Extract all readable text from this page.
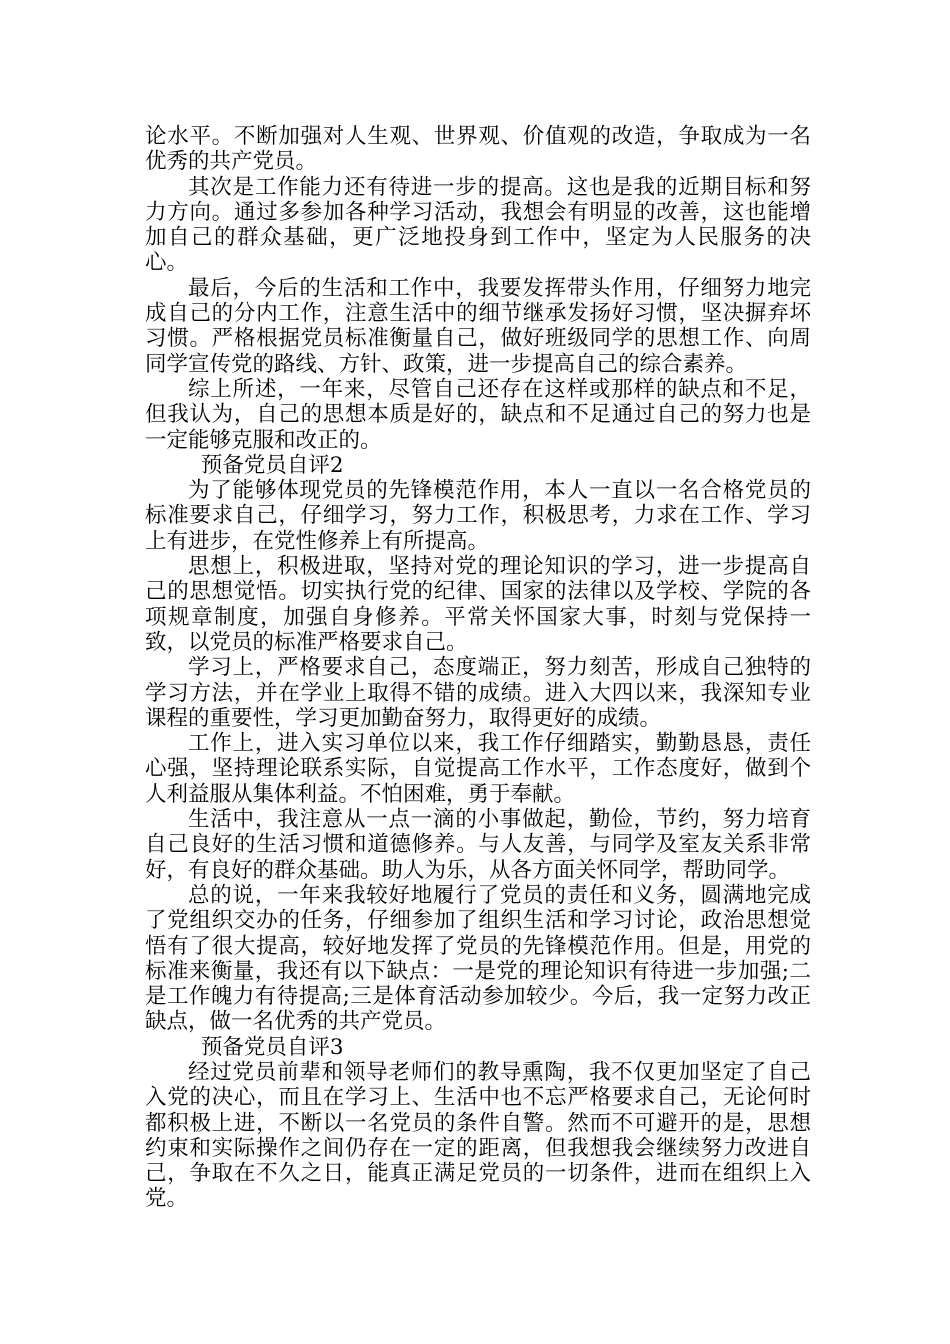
论水平。不断加强对人生观、世界观、价值观的改造，争取成为一名优秀的共产党员。

其次是工作能力还有待进一步的提高。这也是我的近期目标和努力方向。通过多参加各种学习活动，我想会有明显的改善，这也能增加自己的群众基础，更广泛地投身到工作中，坚定为人民服务的决心。

最后，今后的生活和工作中，我要发挥带头作用，仔细努力地完成自己的分内工作，注意生活中的细节继承发扬好习惯，坚决摒弃坏习惯。严格根据党员标准衡量自己，做好班级同学的思想工作、向周同学宣传党的路线、方针、政策，进一步提高自己的综合素养。

综上所述，一年来，尽管自己还存在这样或那样的缺点和不足，但我认为，自己的思想本质是好的，缺点和不足通过自己的努力也是一定能够克服和改正的。

预备党员自评2

为了能够体现党员的先锋模范作用，本人一直以一名合格党员的标准要求自己，仔细学习，努力工作，积极思考，力求在工作、学习上有进步，在党性修养上有所提高。

思想上，积极进取，坚持对党的理论知识的学习，进一步提高自己的思想觉悟。切实执行党的纪律、国家的法律以及学校、学院的各项规章制度，加强自身修养。平常关怀国家大事，时刻与党保持一致，以党员的标准严格要求自己。

学习上，严格要求自己，态度端正，努力刻苦，形成自己独特的学习方法，并在学业上取得不错的成绩。进入大四以来，我深知专业课程的重要性，学习更加勤奋努力，取得更好的成绩。

工作上，进入实习单位以来，我工作仔细踏实，勤勤恳恳，责任心强，坚持理论联系实际，自觉提高工作水平，工作态度好，做到个人利益服从集体利益。不怕困难，勇于奉献。

生活中，我注意从一点一滴的小事做起，勤俭，节约，努力培育自己良好的生活习惯和道德修养。与人友善，与同学及室友关系非常好，有良好的群众基础。助人为乐，从各方面关怀同学，帮助同学。

总的说，一年来我较好地履行了党员的责任和义务，圆满地完成了党组织交办的任务，仔细参加了组织生活和学习讨论，政治思想觉悟有了很大提高，较好地发挥了党员的先锋模范作用。但是，用党的标准来衡量，我还有以下缺点：一是党的理论知识有待进一步加强;二是工作魄力有待提高;三是体育活动参加较少。今后，我一定努力改正缺点，做一名优秀的共产党员。

预备党员自评3

经过党员前辈和领导老师们的教导熏陶，我不仅更加坚定了自己入党的决心，而且在学习上、生活中也不忘严格要求自己，无论何时都积极上进，不断以一名党员的条件自警。然而不可避开的是，思想约束和实际操作之间仍存在一定的距离，但我想我会继续努力改进自己，争取在不久之日，能真正满足党员的一切条件，进而在组织上入党。
